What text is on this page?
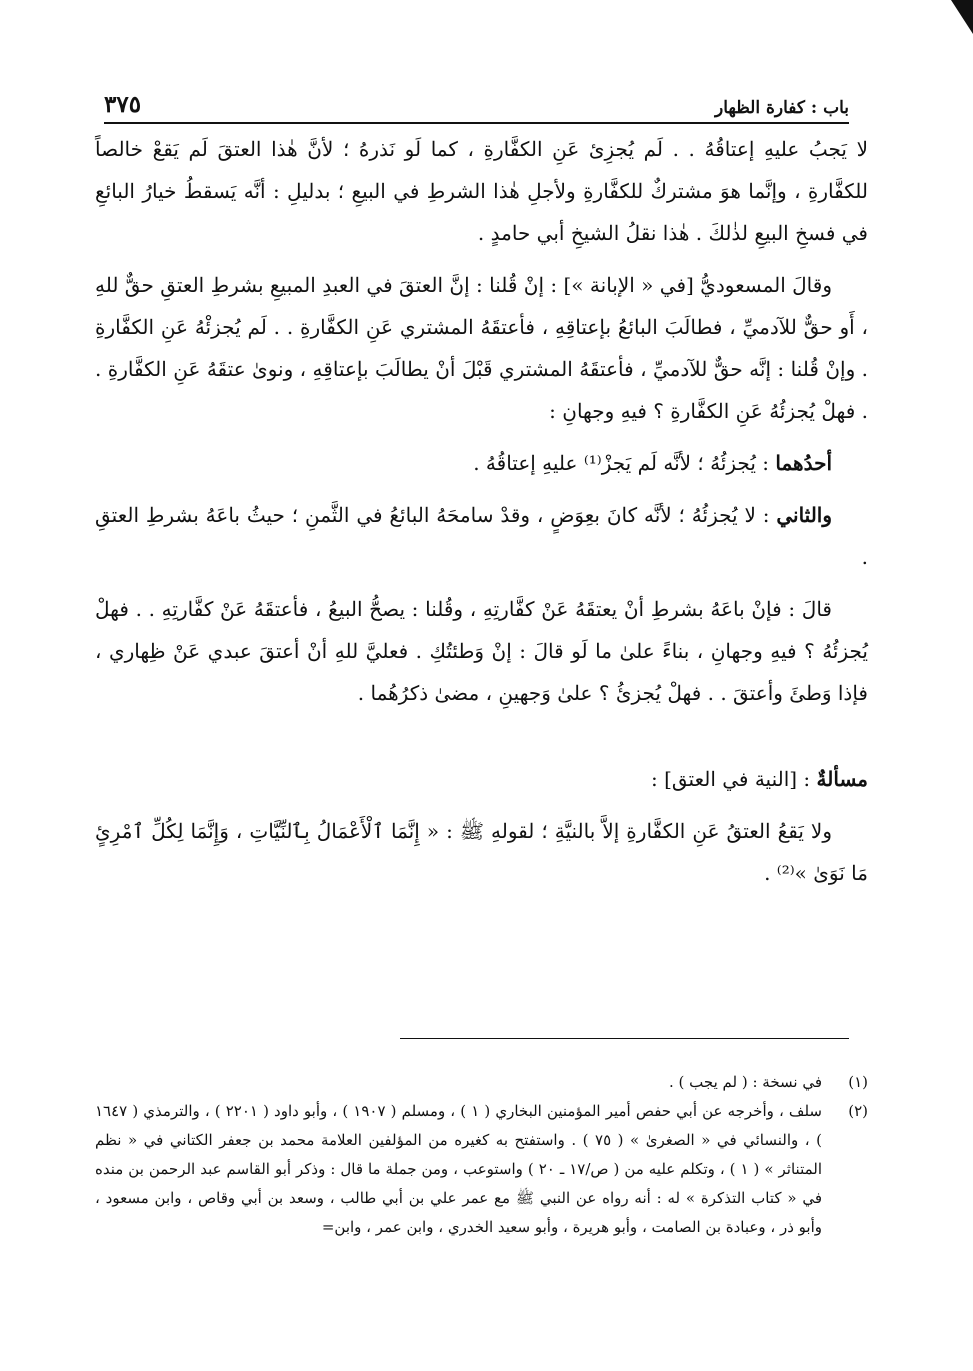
٣٧٥	باب : كفارة الظهار

لا يَجبُ عليهِ إعتاقُهُ . . لَم يُجزِئ عَنِ الكفَّارةِ ، كما لَو نَذرهُ ؛ لأنَّ هٰذا العتقَ لَم يَقعْ خالصاً للكفَّارةِ ، وإنَّما هوَ مشتركٌ للكفَّارةِ ولأجلِ هٰذا الشرطِ في البيعِ ؛ بدليلِ : أنَّه يَسقطُ خيارُ البائعِ في فسخِ البيعِ لذٰلكَ . هٰذا نقلُ الشيخِ أبي حامدٍ .

وقالَ المسعوديُّ [في « الإبانة »] : إنْ قُلنا : إنَّ العتقَ في العبدِ المبيعِ بشرطِ العتقِ حقٌّ للهِ ، أَو حقٌّ للآدميِّ ، فطالَبَ البائعُ بإعتاقِهِ ، فأعتقَهُ المشتري عَنِ الكفَّارةِ . . لَم يُجزئْهُ عَنِ الكفَّارةِ . وإنْ قُلنا : إنَّه حقٌّ للآدميِّ ، فأعتقَهُ المشتري قَبْلَ أنْ يطالَبَ بإعتاقِهِ ، ونوىٰ عتقَهُ عَنِ الكفَّارةِ . . فهلْ يُجزئُهُ عَنِ الكفَّارةِ ؟ فيهِ وجهانِ :

أحدُهما : يُجزئُهُ ؛ لأنَّه لَم يَجزْ⁽¹⁾ عليهِ إعتاقُهُ .

والثاني : لا يُجزئُهُ ؛ لأنَّه كانَ بعِوَضٍ ، وقدْ سامحَهُ البائعُ في الثَّمنِ ؛ حيثُ باعَهُ بشرطِ العتقِ .

قالَ : فإنْ باعَهُ بشرطِ أنْ يعتقَهُ عَنْ كفَّارتِهِ ، وقُلنا : يصحُّ البيعُ ، فأعتقَهُ عَنْ كفَّارتِهِ . . فهلْ يُجزئُهُ ؟ فيهِ وجهانِ ، بناءً علىٰ ما لَو قالَ : إنْ وَطئتُكِ . فعليَّ للهِ أنْ أعتقَ عبدي عَنْ ظِهاري ، فإذا وَطئَ وأعتقَ . . فهلْ يُجزئُ ؟ علىٰ وَجهينِ ، مضىٰ ذكرُهُما .

مسألةٌ : [النية في العتق] :

ولا يَقعُ العتقُ عَنِ الكفَّارةِ إلاَّ بالنيَّةِ ؛ لقولهِ ﷺ : « إِنَّمَا ٱلْأَعْمَالُ بِٱلنِّيَّاتِ ، وَإِنَّمَا لِكُلِّ ٱمْرِئٍ مَا نَوَىٰ »⁽²⁾ .

(١)
في نسخة : ( لم يجب ) .
(٢)
سلف ، وأخرجه عن أبي حفص أمير المؤمنين البخاري ( ١ ) ، ومسلم ( ١٩٠٧ ) ، وأبو داود ( ٢٢٠١ ) ، والترمذي ( ١٦٤٧ ) ، والنسائي في « الصغرىٰ » ( ٧٥ ) . واستفتح به كغيره من المؤلفين العلامة محمد بن جعفر الكتاني في « نظم المتناثر » ( ١ ) ، وتكلم عليه من ( ص/١٧ ـ ٢٠ ) واستوعب ، ومن جملة ما قال : وذكر أبو القاسم عبد الرحمن بن منده في « كتاب التذكرة » له : أنه رواه عن النبي ﷺ مع عمر علي بن أبي طالب ، وسعد بن أبي وقاص ، وابن مسعود ، وأبو ذر ، وعبادة بن الصامت ، وأبو هريرة ، وأبو سعيد الخدري ، وابن عمر ، وابن=
